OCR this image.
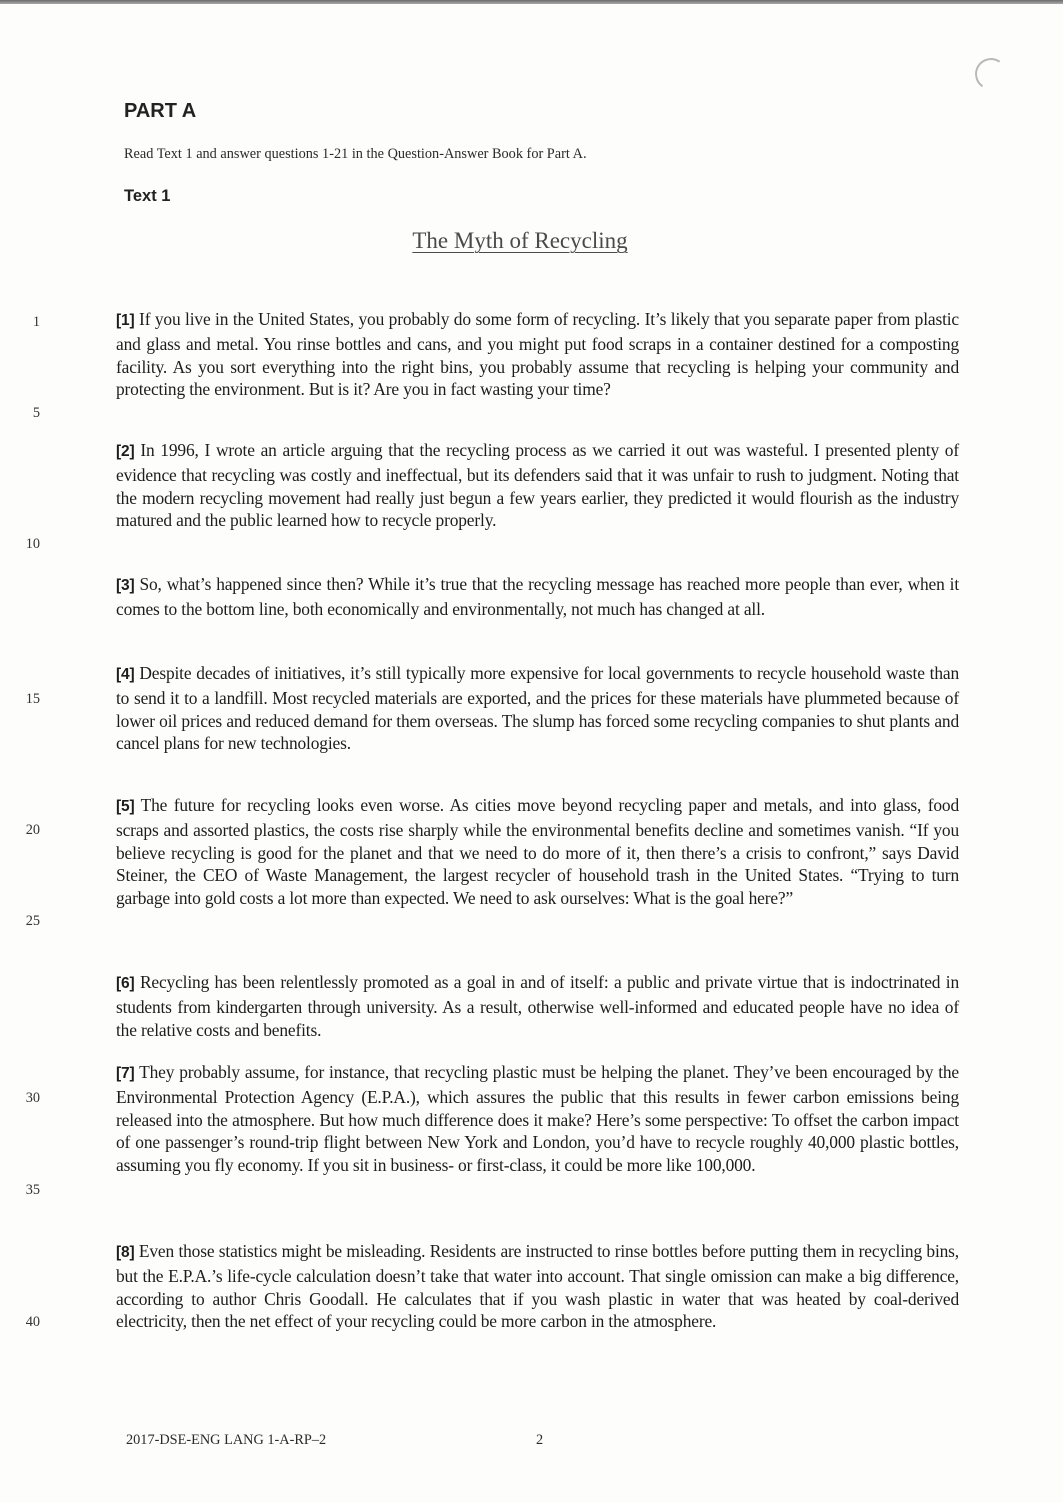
PART A
Read Text 1 and answer questions 1-21 in the Question-Answer Book for Part A.
Text 1
The Myth of Recycling
1
5
10
15
20
25
30
35
40

[1] If you live in the United States, you probably do some form of recycling. It’s likely that you separate paper from plastic and glass and metal. You rinse bottles and cans, and you might put food scraps in a container destined for a composting facility. As you sort everything into the right bins, you probably assume that recycling is helping your community and protecting the environment. But is it? Are you in fact wasting your time?

[2] In 1996, I wrote an article arguing that the recycling process as we carried it out was wasteful. I presented plenty of evidence that recycling was costly and ineffectual, but its defenders said that it was unfair to rush to judgment. Noting that the modern recycling movement had really just begun a few years earlier, they predicted it would flourish as the industry matured and the public learned how to recycle properly.

[3] So, what’s happened since then? While it’s true that the recycling message has reached more people than ever, when it comes to the bottom line, both economically and environmentally, not much has changed at all.

[4] Despite decades of initiatives, it’s still typically more expensive for local governments to recycle household waste than to send it to a landfill. Most recycled materials are exported, and the prices for these materials have plummeted because of lower oil prices and reduced demand for them overseas. The slump has forced some recycling companies to shut plants and cancel plans for new technologies.

[5] The future for recycling looks even worse. As cities move beyond recycling paper and metals, and into glass, food scraps and assorted plastics, the costs rise sharply while the environmental benefits decline and sometimes vanish. “If you believe recycling is good for the planet and that we need to do more of it, then there’s a crisis to confront,” says David Steiner, the CEO of Waste Management, the largest recycler of household trash in the United States. “Trying to turn garbage into gold costs a lot more than expected. We need to ask ourselves: What is the goal here?”

[6] Recycling has been relentlessly promoted as a goal in and of itself: a public and private virtue that is indoctrinated in students from kindergarten through university. As a result, otherwise well-informed and educated people have no idea of the relative costs and benefits.

[7] They probably assume, for instance, that recycling plastic must be helping the planet. They’ve been encouraged by the Environmental Protection Agency (E.P.A.), which assures the public that this results in fewer carbon emissions being released into the atmosphere. But how much difference does it make? Here’s some perspective: To offset the carbon impact of one passenger’s round-trip flight between New York and London, you’d have to recycle roughly 40,000 plastic bottles, assuming you fly economy. If you sit in business- or first-class, it could be more like 100,000.

[8] Even those statistics might be misleading. Residents are instructed to rinse bottles before putting them in recycling bins, but the E.P.A.’s life-cycle calculation doesn’t take that water into account. That single omission can make a big difference, according to author Chris Goodall. He calculates that if you wash plastic in water that was heated by coal-derived electricity, then the net effect of your recycling could be more carbon in the atmosphere.

2017-DSE-ENG LANG 1-A-RP–2	2
